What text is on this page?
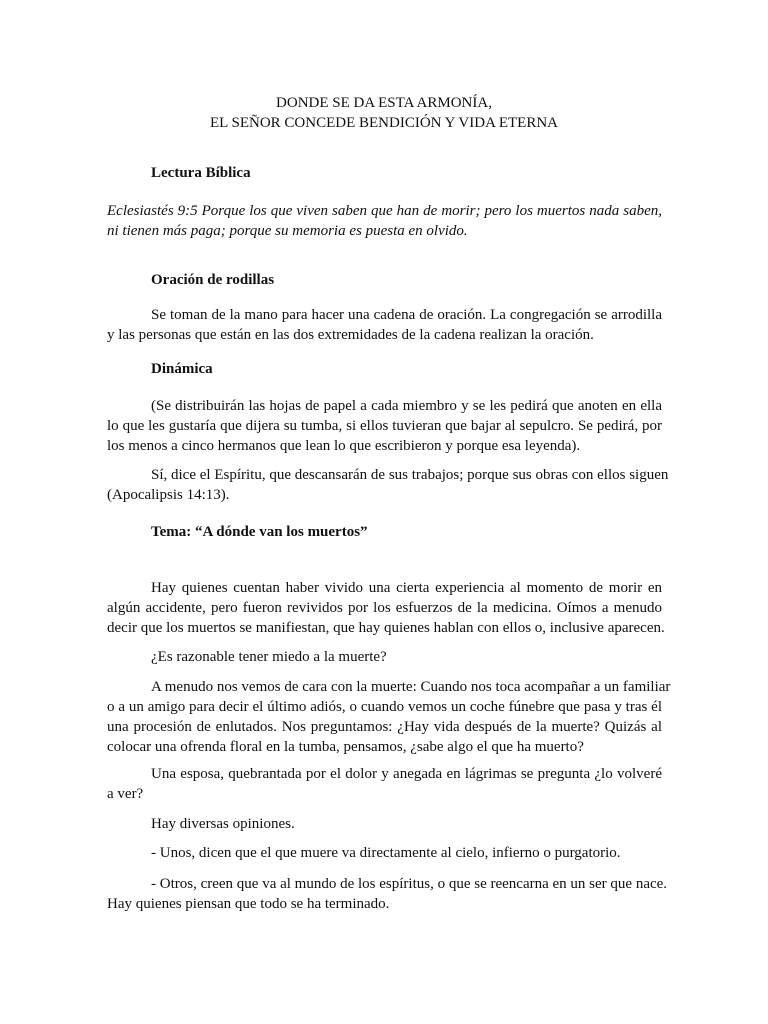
DONDE SE DA ESTA ARMONÍA,
EL SEÑOR CONCEDE BENDICIÓN Y VIDA ETERNA
Lectura Bíblica
Eclesiastés 9:5 Porque los que viven saben que han de morir; pero los muertos nada saben,
ni tienen más paga; porque su memoria es puesta en olvido.
Oración de rodillas
Se toman de la mano para hacer una cadena de oración. La congregación se arrodilla
y las personas que están en las dos extremidades de la cadena realizan la oración.
Dinámica
(Se distribuirán las hojas de papel a cada miembro y se les pedirá que anoten en ella
lo que les gustaría que dijera su tumba, si ellos tuvieran que bajar al sepulcro. Se pedirá, por
los menos a cinco hermanos que lean lo que escribieron y porque esa leyenda).
Sí, dice el Espíritu, que descansarán de sus trabajos; porque sus obras con ellos siguen
(Apocalipsis 14:13).
Tema: “A dónde van los muertos”
Hay quienes cuentan haber vivido una cierta experiencia al momento de morir en
algún accidente, pero fueron revividos por los esfuerzos de la medicina. Oímos a menudo
decir que los muertos se manifiestan, que hay quienes hablan con ellos o, inclusive aparecen.
¿Es razonable tener miedo a la muerte?
A menudo nos vemos de cara con la muerte: Cuando nos toca acompañar a un familiar
o a un amigo para decir el último adiós, o cuando vemos un coche fúnebre que pasa y tras él
una procesión de enlutados. Nos preguntamos: ¿Hay vida después de la muerte? Quizás al
colocar una ofrenda floral en la tumba, pensamos, ¿sabe algo el que ha muerto?
Una esposa, quebrantada por el dolor y anegada en lágrimas se pregunta ¿lo volveré
a ver?
Hay diversas opiniones.
- Unos, dicen que el que muere va directamente al cielo, infierno o purgatorio.
- Otros, creen que va al mundo de los espíritus, o que se reencarna en un ser que nace.
Hay quienes piensan que todo se ha terminado.
